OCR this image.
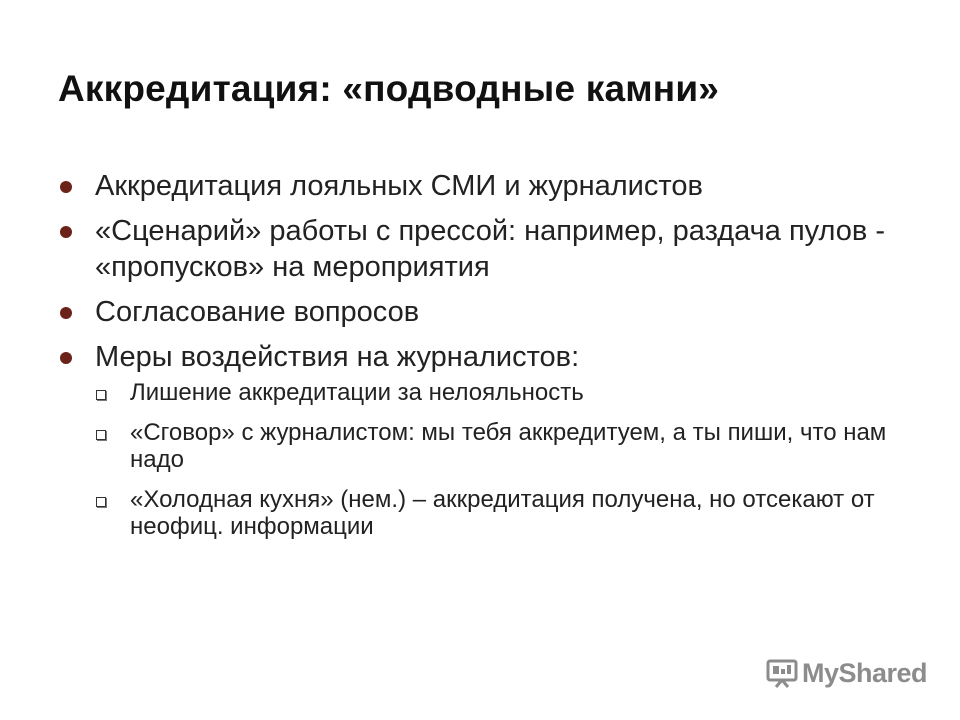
Аккредитация: «подводные камни»
Аккредитация лояльных СМИ и журналистов
«Сценарий» работы с прессой: например, раздача пулов - «пропусков» на мероприятия
Согласование вопросов
Меры воздействия на журналистов:
Лишение аккредитации за нелояльность
«Сговор» с журналистом: мы тебя аккредитуем, а ты пиши, что нам надо
«Холодная кухня» (нем.) – аккредитация получена, но отсекают от неофиц. информации
MyShared
